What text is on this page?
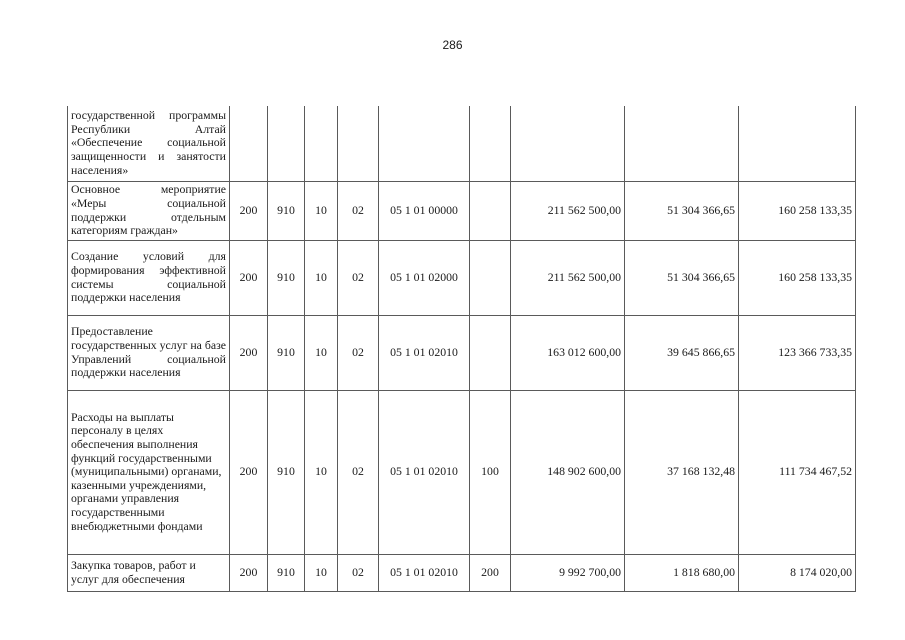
286
государственной программы Республики Алтай «Обеспечение социальной защищенности и занятости населения»									
Основное мероприятие «Меры социальной поддержки отдельным категориям граждан»	200	910	10	02	05 1 01 00000		211 562 500,00	51 304 366,65	160 258 133,35
Создание условий для формирования эффективной системы социальной поддержки населения	200	910	10	02	05 1 01 02000		211 562 500,00	51 304 366,65	160 258 133,35
Предоставление государственных услуг на базе Управлений социальной поддержки населения	200	910	10	02	05 1 01 02010		163 012 600,00	39 645 866,65	123 366 733,35
Расходы на выплаты персоналу в целях обеспечения выполнения функций государственными (муниципальными) органами, казенными учреждениями, органами управления государственными внебюджетными фондами	200	910	10	02	05 1 01 02010	100	148 902 600,00	37 168 132,48	111 734 467,52
Закупка товаров, работ и услуг для обеспечения	200	910	10	02	05 1 01 02010	200	9 992 700,00	1 818 680,00	8 174 020,00
